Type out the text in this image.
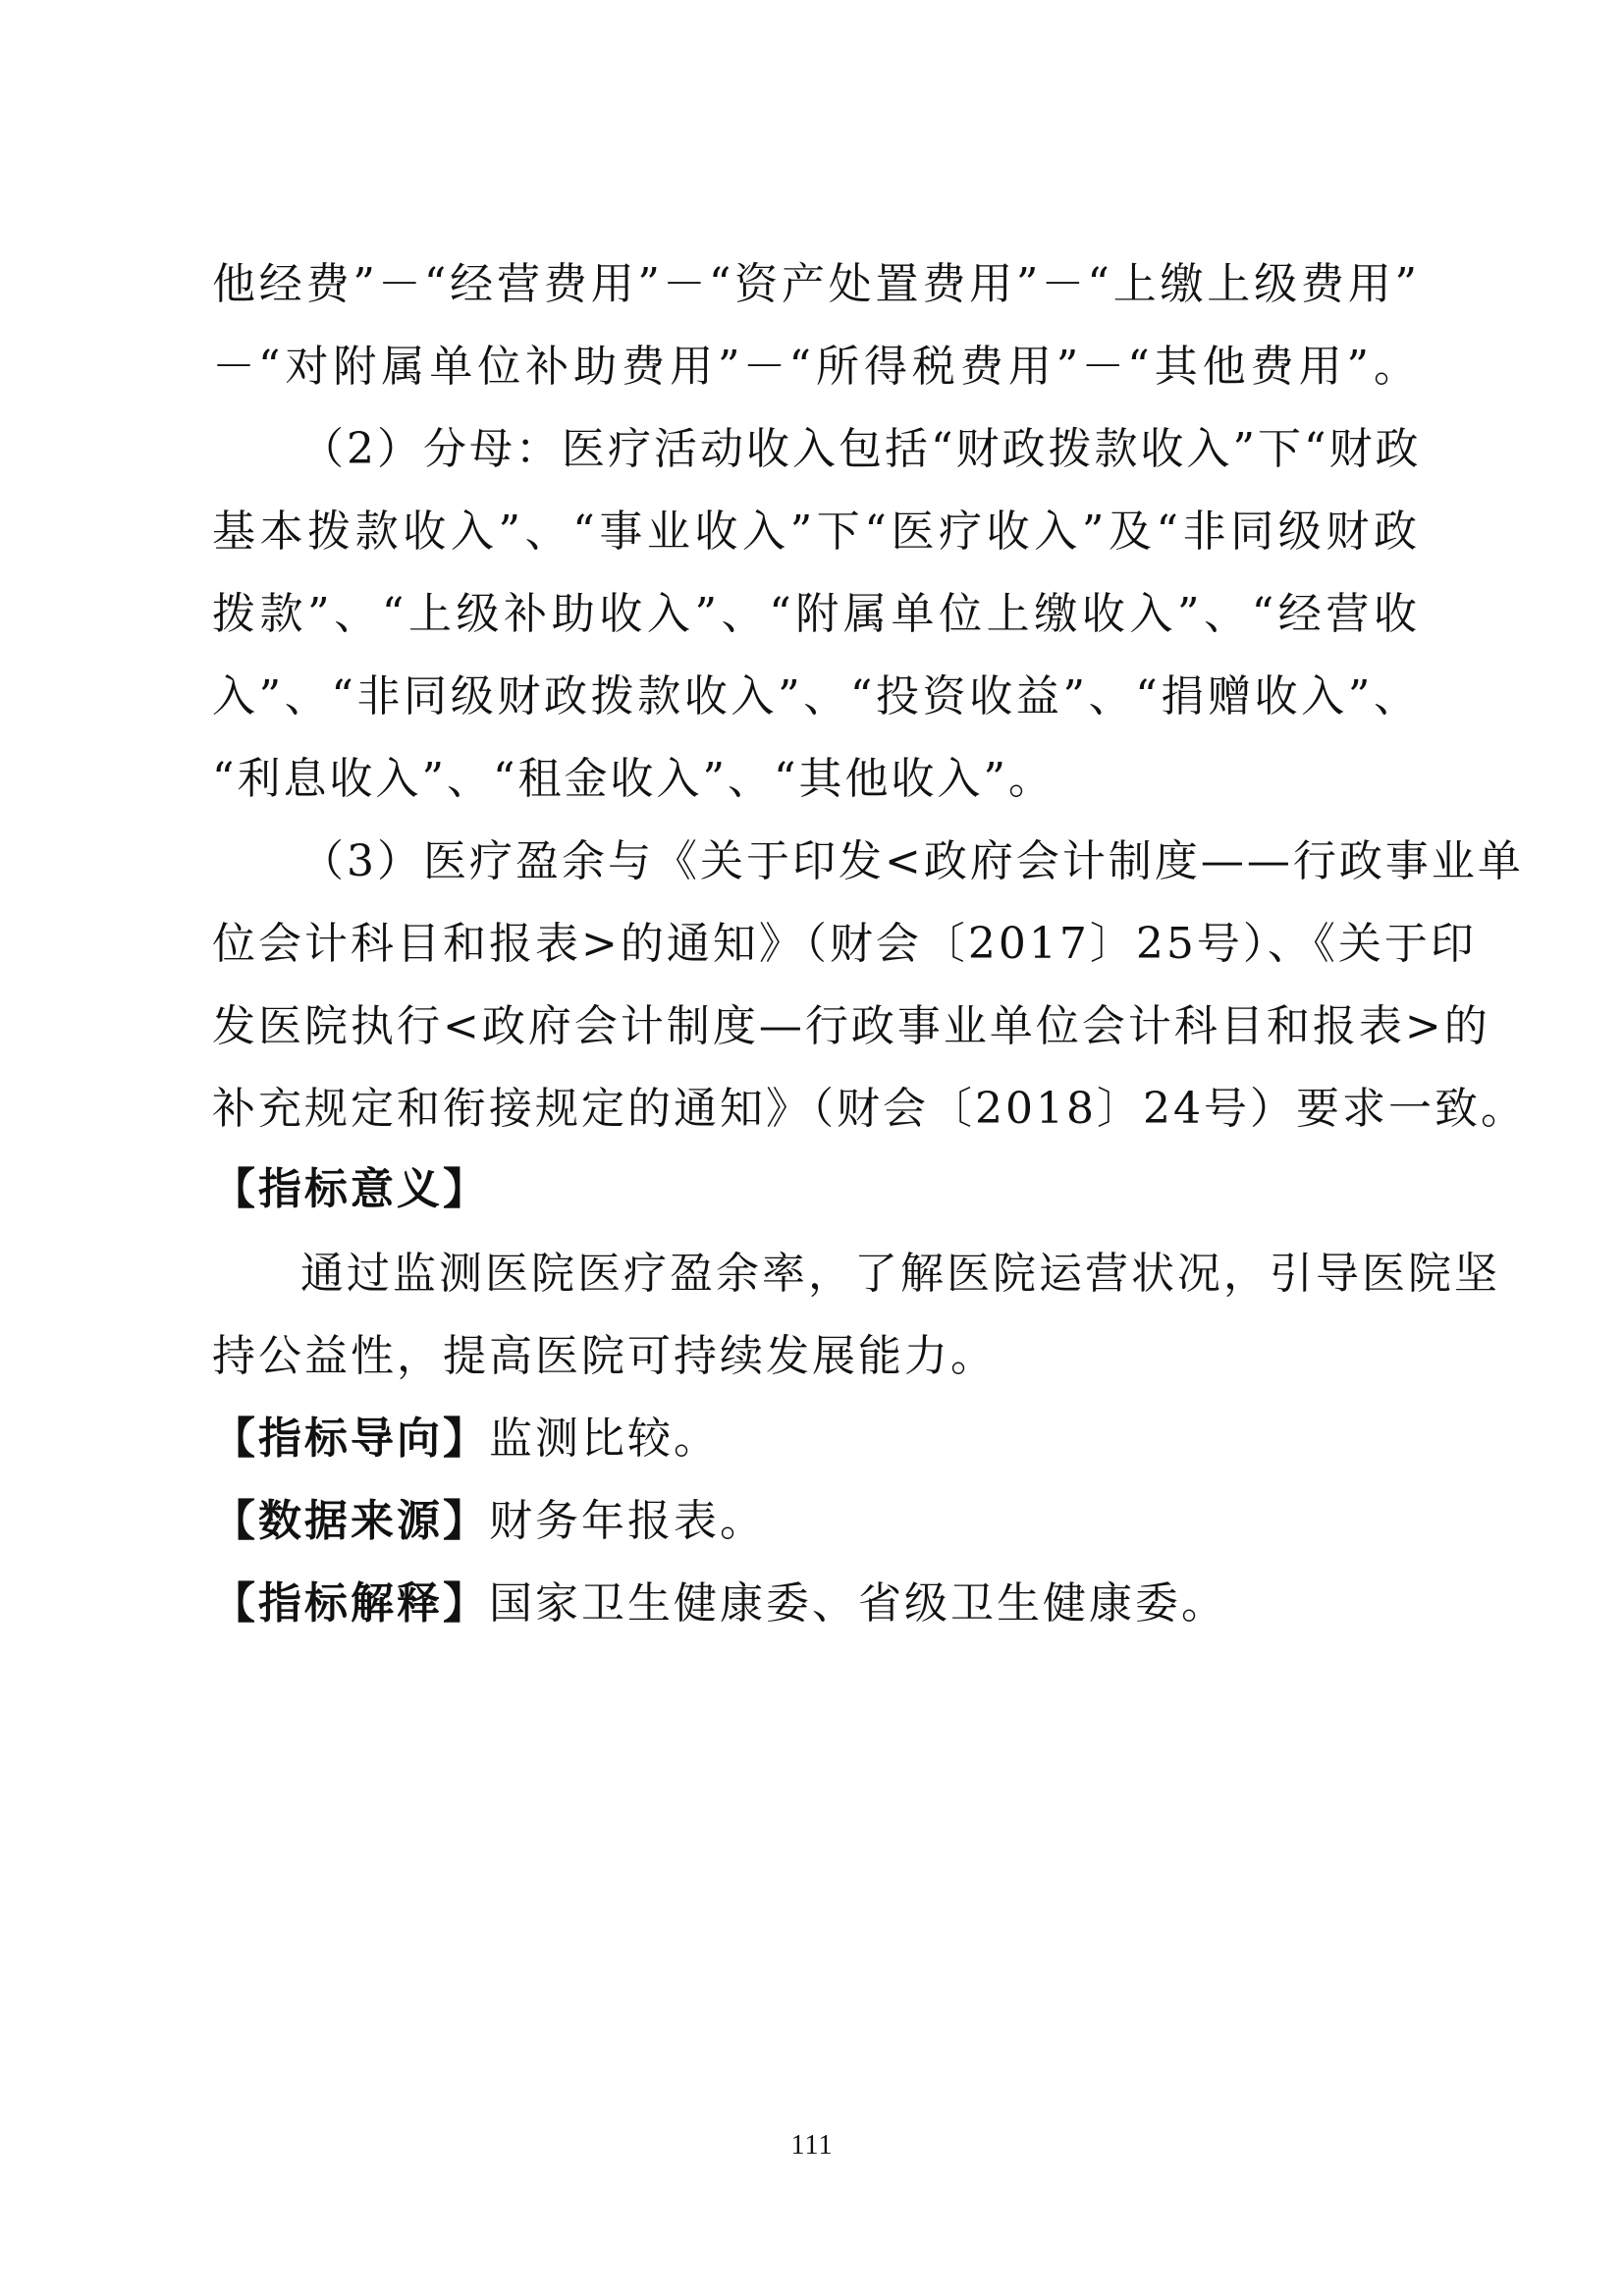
他经费”－“经营费用”－“资产处置费用”－“上缴上级费用”
－“对附属单位补助费用”－“所得税费用”－“其他费用”。
（2）分母：医疗活动收入包括“财政拨款收入”下“财政
基本拨款收入”、“事业收入”下“医疗收入”及“非同级财政
拨款”、“上级补助收入”、“附属单位上缴收入”、“经营收
入”、“非同级财政拨款收入”、“投资收益”、“捐赠收入”、
“利息收入”、“租金收入”、“其他收入”。
（3）医疗盈余与《关于印发<政府会计制度——行政事业单
位会计科目和报表>的通知》（财会〔2017〕25号）、《关于印
发医院执行<政府会计制度—行政事业单位会计科目和报表>的
补充规定和衔接规定的通知》（财会〔2018〕24号）要求一致。
【指标意义】
通过监测医院医疗盈余率，了解医院运营状况，引导医院坚
持公益性，提高医院可持续发展能力。
【指标导向】监测比较。
【数据来源】财务年报表。
【指标解释】国家卫生健康委、省级卫生健康委。
111
